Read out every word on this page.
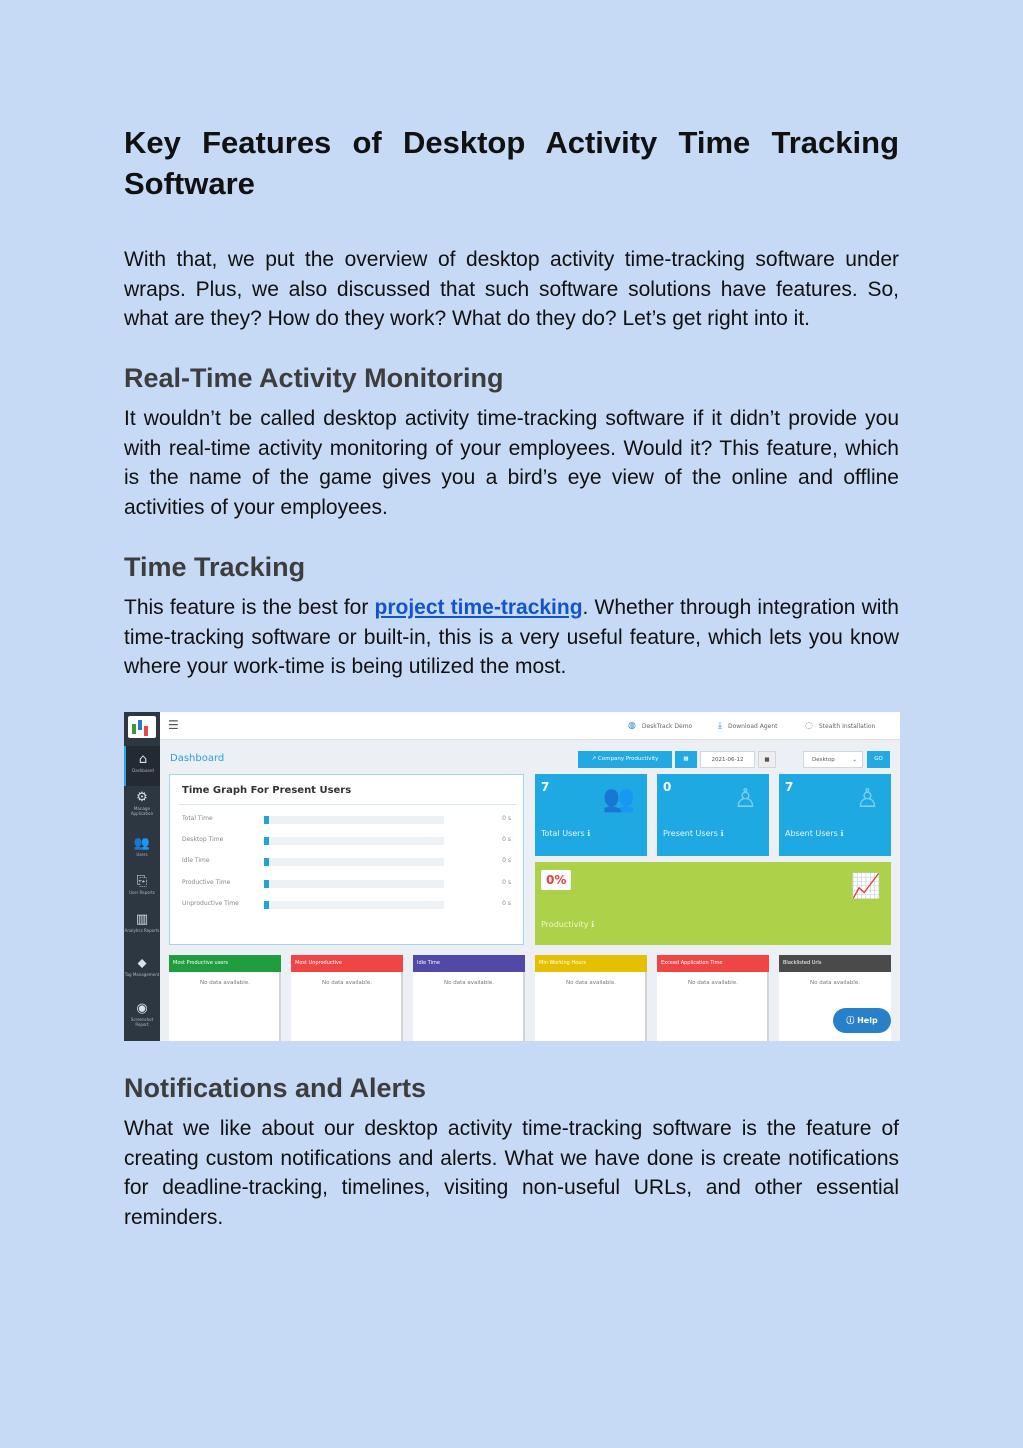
Key Features of Desktop Activity Time Tracking
Software

With that, we put the overview of desktop activity time-tracking software under wraps. Plus, we also discussed that such software solutions have features. So, what are they? How do they work? What do they do? Let’s get right into it.

Real-Time Activity Monitoring

It wouldn’t be called desktop activity time-tracking software if it didn’t provide you with real-time activity monitoring of your employees. Would it? This feature, which is the name of the game gives you a bird’s eye view of the online and offline activities of your employees.

Time Tracking

This feature is the best for project time-tracking. Whether through integration with time-tracking software or built-in, this is a very useful feature, which lets you know where your work-time is being utilized the most.

⌂
Dashboard
⚙
Manage Application
👥
Users
⎘
User Reports
▥
Analytics Reports
⬥
Tag Management
◉
Screenshot Report
☰	◍ DeskTrack Demo	⤓ Download Agent	◌ Stealth Installation
Dashboard	↗ Company Productivity	▦	2021-06-12	■	Desktop	⌄	GO
Time Graph For Present Users
Total Time	0 s
Desktop Time	0 s
Idle Time	0 s
Productive Time	0 s
Unproductive Time	0 s
7 👥
Total Users ℹ
0 ♙
Present Users ℹ
7 ♙
Absent Users ℹ
0%	📈
Productivity ℹ
Most Productive users
No data available.
Most Unproductive
No data available.
Idle Time
No data available.
Min Working Hours
No data available.
Exceed Application Time
No data available.
Blacklisted Urls
No data available.
ⓘ Help
Notifications and Alerts

What we like about our desktop activity time-tracking software is the feature of creating custom notifications and alerts. What we have done is create notifications for deadline-tracking, timelines, visiting non-useful URLs, and other essential reminders.
